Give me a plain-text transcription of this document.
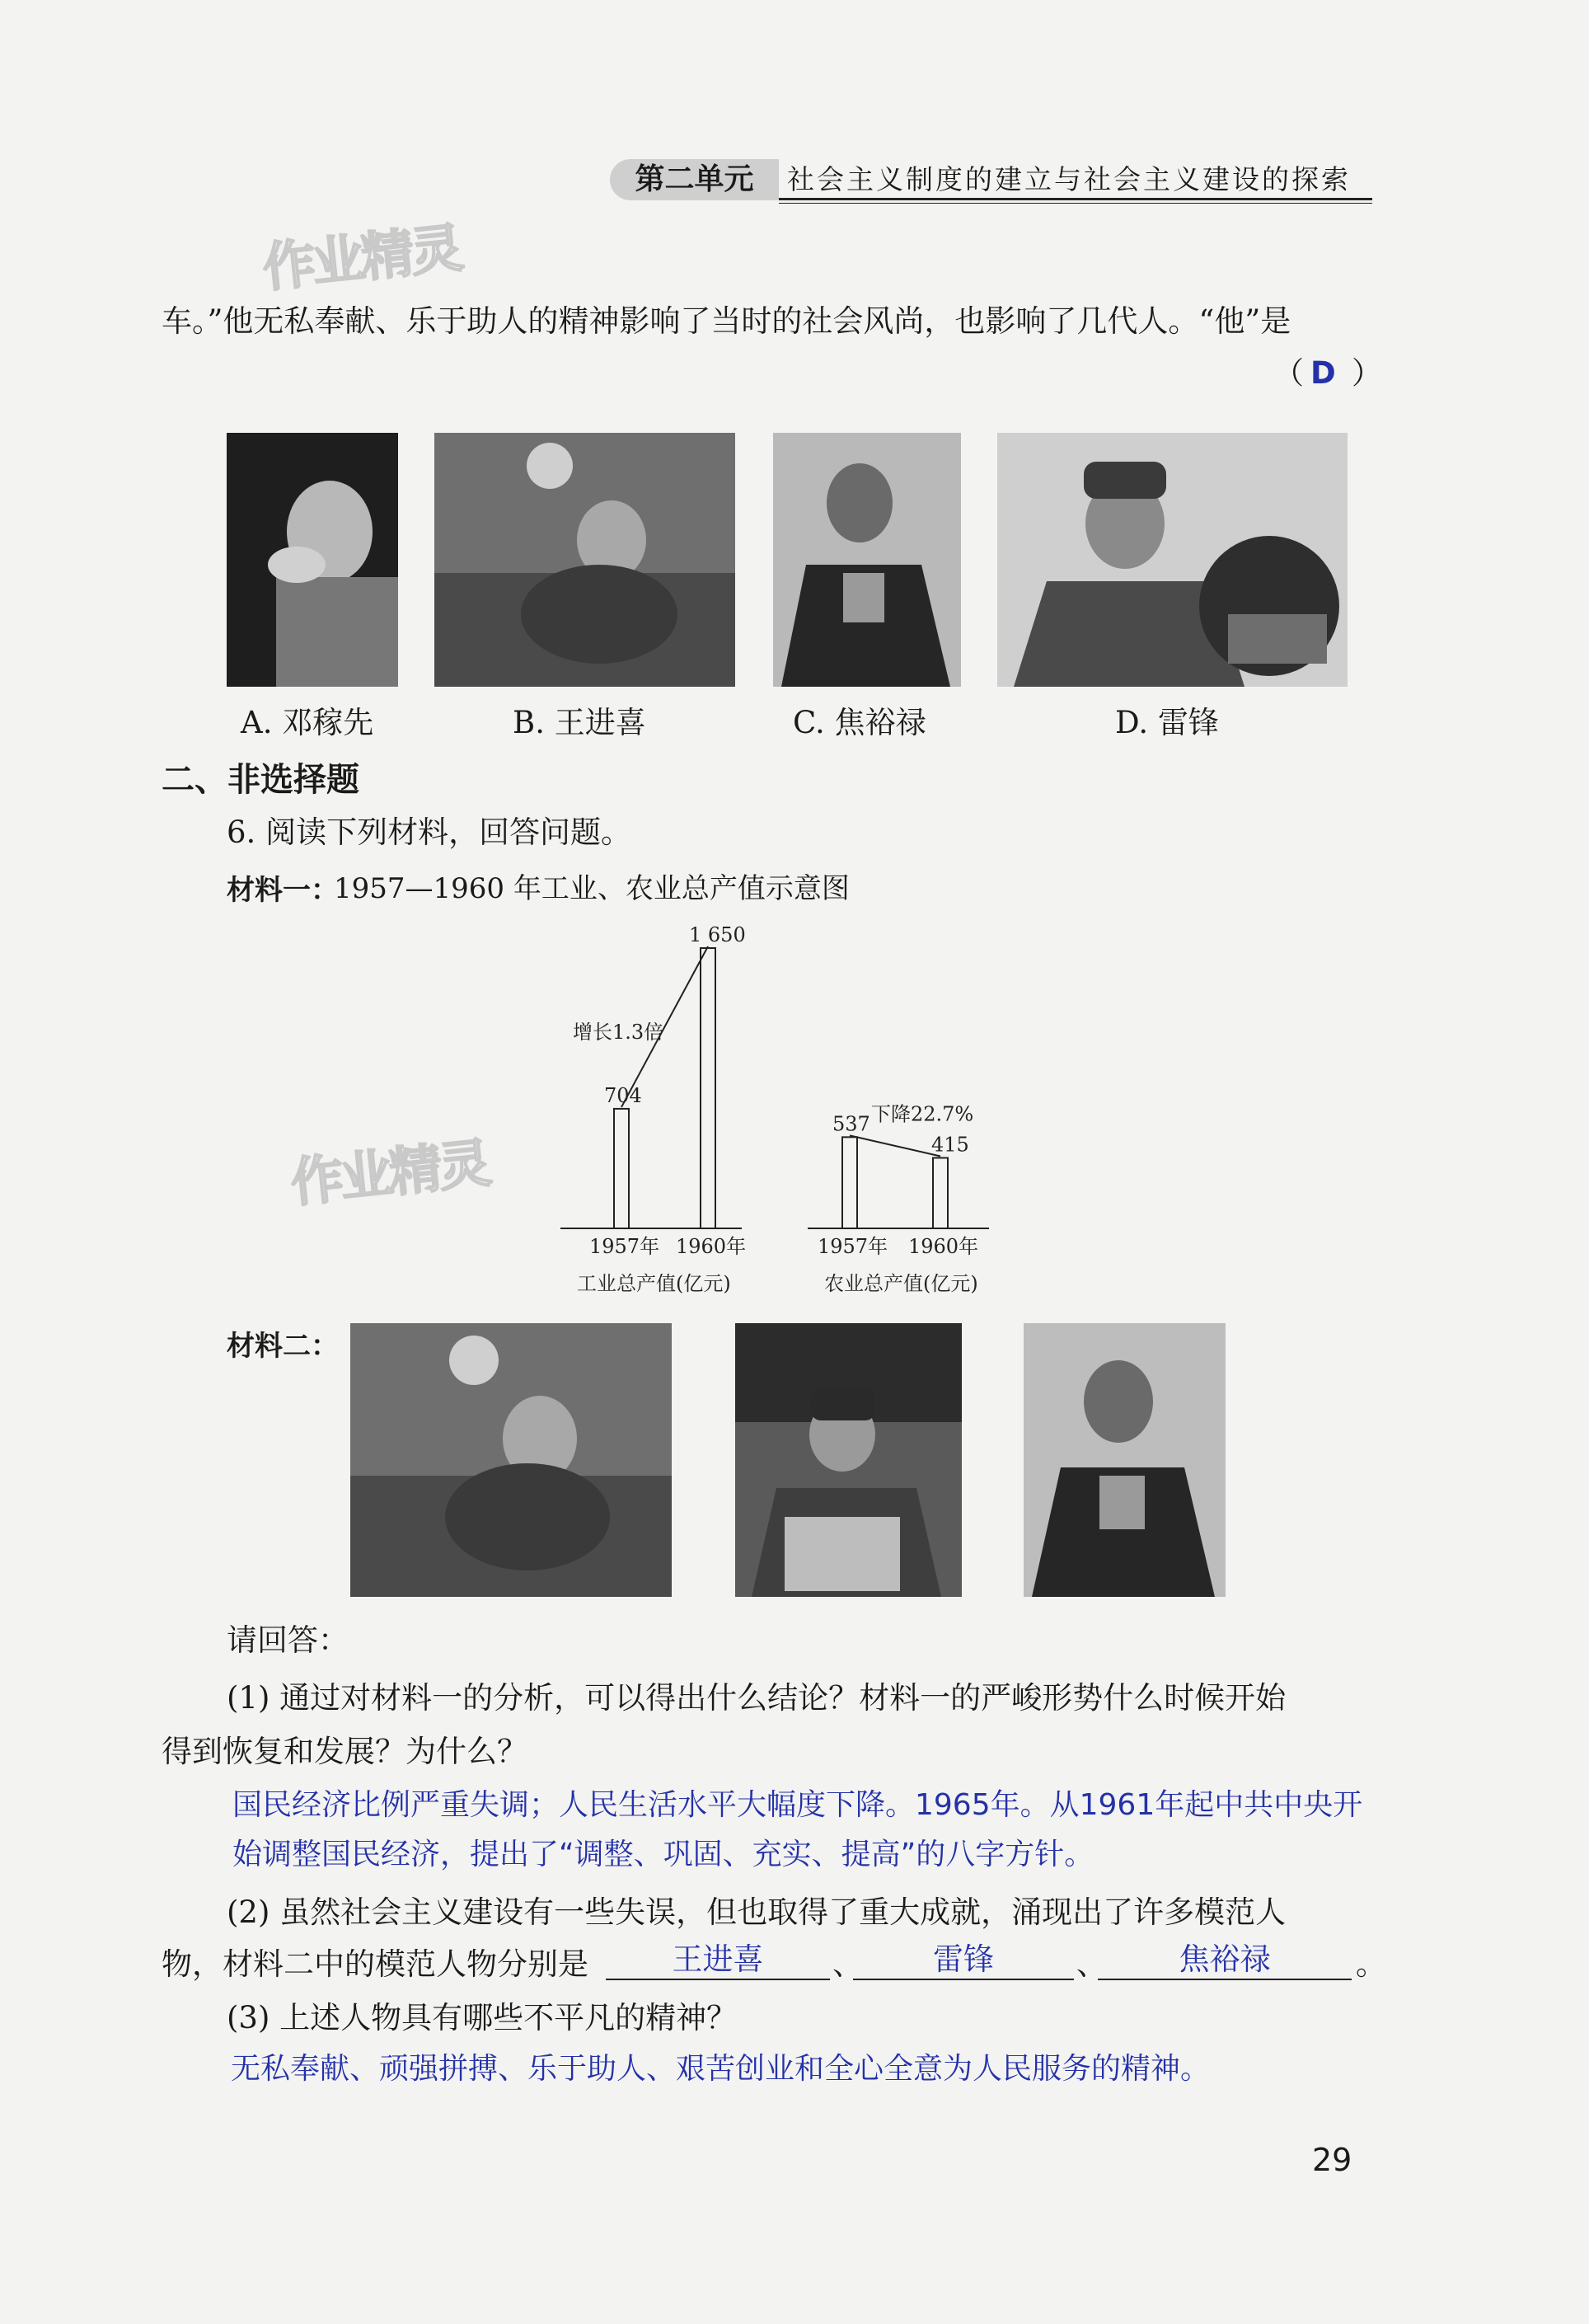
第二单元	社会主义制度的建立与社会主义建设的探索
作业精灵
作业精灵
车。”他无私奉献、乐于助人的精神影响了当时的社会风尚，也影响了几代人。“他”是
（ D ）
A. 邓稼先	B. 王进喜	C. 焦裕禄	D. 雷锋
二、非选择题
6. 阅读下列材料，回答问题。
材料一：
1957—1960 年工业、农业总产值示意图
704
1957年
1 650
1960年
增长1.3倍
工业总产值(亿元)
537
1957年
415
1960年
下降22.7%
农业总产值(亿元)
材料二：
请回答：
(1) 通过对材料一的分析，可以得出什么结论？材料一的严峻形势什么时候开始
得到恢复和发展？为什么？
国民经济比例严重失调；人民生活水平大幅度下降。1965年。从1961年起中共中央开
始调整国民经济，提出了“调整、巩固、充实、提高”的八字方针。
(2) 虽然社会主义建设有一些失误，但也取得了重大成就，涌现出了许多模范人
物，材料二中的模范人物分别是	王进喜	、	雷锋	、	焦裕禄	。
(3) 上述人物具有哪些不平凡的精神？
无私奉献、顽强拼搏、乐于助人、艰苦创业和全心全意为人民服务的精神。
29
